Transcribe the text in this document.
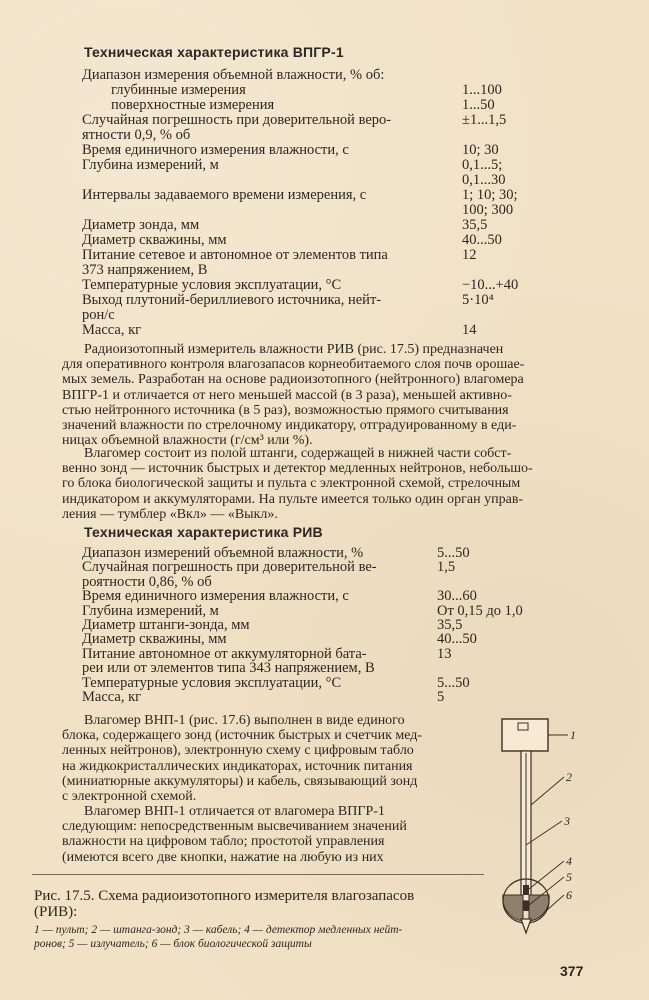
Техническая характеристика ВПГР-1
Диапазон измерения объемной влажности, % об:
глубинные измерения	1...100
поверхностные измерения	1...50
Случайная погрешность при доверительной веро-	±1...1,5
ятности 0,9, % об
Время единичного измерения влажности, с	10; 30
Глубина измерений, м	0,1...5;
0,1...30
Интервалы задаваемого времени измерения, с	1; 10; 30;
100; 300
Диаметр зонда, мм	35,5
Диаметр скважины, мм	40...50
Питание сетевое и автономное от элементов типа	12
373 напряжением, В
Температурные условия эксплуатации, °С	−10...+40
Выход плутоний-бериллиевого источника, нейт-	5·10⁴
рон/с
Масса, кг	14
Радиоизотопный измеритель влажности РИВ (рис. 17.5) предназначен
для оперативного контроля влагозапасов корнеобитаемого слоя почв орошае-
мых земель. Разработан на основе радиоизотопного (нейтронного) влагомера
ВПГР-1 и отличается от него меньшей массой (в 3 раза), меньшей активно-
стью нейтронного источника (в 5 раз), возможностью прямого считывания
значений влажности по стрелочному индикатору, отградуированному в еди-
ницах объемной влажности (г/см³ или %).
Влагомер состоит из полой штанги, содержащей в нижней части собст-
венно зонд — источник быстрых и детектор медленных нейтронов, небольшо-
го блока биологической защиты и пульта с электронной схемой, стрелочным
индикатором и аккумуляторами. На пульте имеется только один орган управ-
ления — тумблер «Вкл» — «Выкл».
Техническая характеристика РИВ
Диапазон измерений объемной влажности, %	5...50
Случайная погрешность при доверительной ве-	1,5
роятности 0,86, % об
Время единичного измерения влажности, с	30...60
Глубина измерений, м	От 0,15 до 1,0
Диаметр штанги-зонда, мм	35,5
Диаметр скважины, мм	40...50
Питание автономное от аккумуляторной бата-	13
реи или от элементов типа 343 напряжением, В
Температурные условия эксплуатации, °С	5...50
Масса, кг	5
Влагомер ВНП-1 (рис. 17.6) выполнен в виде единого
блока, содержащего зонд (источник быстрых и счетчик мед-
ленных нейтронов), электронную схему с цифровым табло
на жидкокристаллических индикаторах, источник питания
(миниатюрные аккумуляторы) и кабель, связывающий зонд
с электронной схемой.
Влагомер ВНП-1 отличается от влагомера ВПГР-1
следующим: непосредственным высвечиванием значений
влажности на цифровом табло; простотой управления
(имеются всего две кнопки, нажатие на любую из них
Рис. 17.5. Схема радиоизотопного измерителя влагозапасов
(РИВ):
1 — пульт; 2 — штанга-зонд; 3 — кабель; 4 — детектор медленных нейт-
ронов; 5 — излучатель; 6 — блок биологической защиты
1
2
3
4
5
6
377
